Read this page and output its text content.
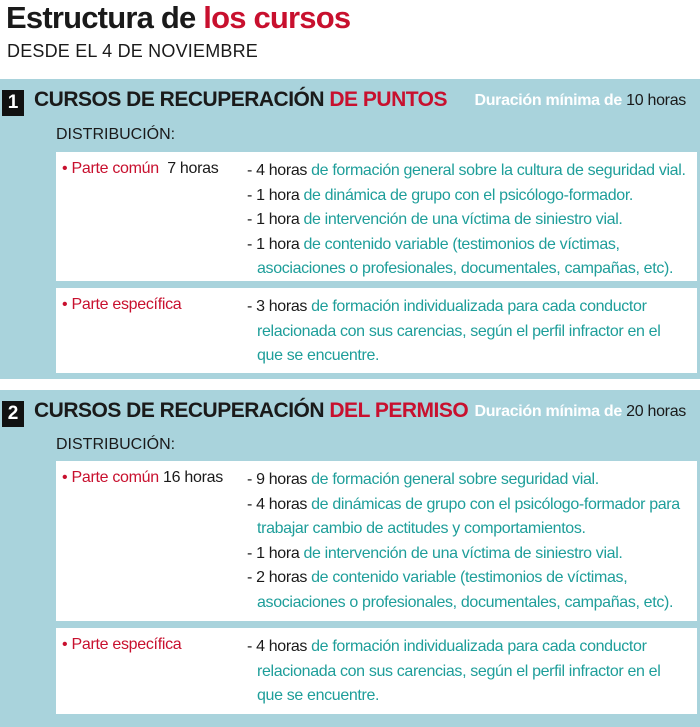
Estructura de los cursos
DESDE EL 4 DE NOVIEMBRE
1 CURSOS DE RECUPERACIÓN DE PUNTOS Duración mínima de 10 horas
DISTRIBUCIÓN:
• Parte común 7 horas - 4 horas de formación general sobre la cultura de seguridad vial.
- 1 hora de dinámica de grupo con el psicólogo-formador.
- 1 hora de intervención de una víctima de siniestro vial.
- 1 hora de contenido variable (testimonios de víctimas,
asociaciones o profesionales, documentales, campañas, etc).
• Parte específica	- 3 horas de formación individualizada para cada conductor
relacionada con sus carencias, según el perfil infractor en el
que se encuentre.
2 CURSOS DE RECUPERACIÓN DEL PERMISO Duración mínima de 20 horas
DISTRIBUCIÓN:
• Parte común 16 horas - 9 horas de formación general sobre seguridad vial.
- 4 horas de dinámicas de grupo con el psicólogo-formador para
trabajar cambio de actitudes y comportamientos.
- 1 hora de intervención de una víctima de siniestro vial.
- 2 horas de contenido variable (testimonios de víctimas,
asociaciones o profesionales, documentales, campañas, etc).
• Parte específica	- 4 horas de formación individualizada para cada conductor
relacionada con sus carencias, según el perfil infractor en el
que se encuentre.
